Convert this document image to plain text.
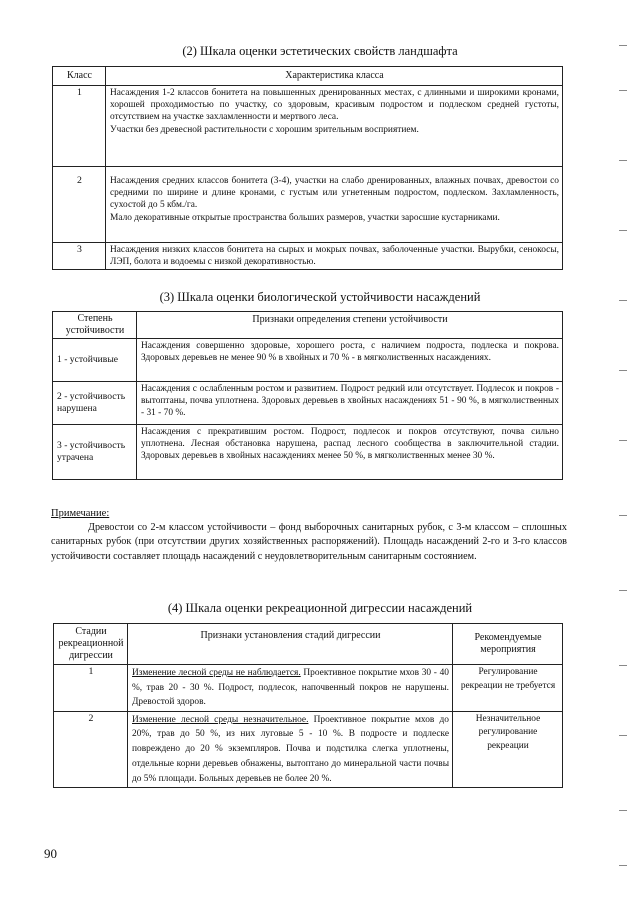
(2) Шкала оценки эстетических свойств ландшафта
Класс	Характеристика класса
1	Насаждения 1-2 классов бонитета на повышенных дренированных местах, с длинными и широкими кронами, хорошей проходимостью по участку, со здоровым, красивым подростом и подлеском средней густоты, отсутствием на участке захламленности и мертвого леса.
Участки без древесной растительности с хорошим зрительным восприятием.

2	Насаждения средних классов бонитета (3-4), участки на слабо дренированных, влажных почвах, древостои со средними по ширине и длине кронами, с густым или угнетенным подростом, подлеском. Захламленность, сухостой до 5 кбм./га.
Мало декоративные открытые пространства больших размеров, участки заросшие кустарниками.

3	Насаждения низких классов бонитета на сырых и мокрых почвах, заболоченные участки. Вырубки, сенокосы, ЛЭП, болота и водоемы с низкой декоративностью.
(3) Шкала оценки биологической устойчивости насаждений
Степень устойчивости	Признаки определения степени устойчивости
1 - устойчивые	Насаждения совершенно здоровые, хорошего роста, с наличием подроста, подлеска и покрова. Здоровых деревьев не менее 90 % в хвойных и 70 % - в мягколиственных насаждениях.
2 - устойчивость нарушена	Насаждения с ослабленным ростом и развитием. Подрост редкий или отсутствует. Подлесок и покров - вытоптаны, почва уплотнена. Здоровых деревьев в хвойных насаждениях 51 - 90 %, в мягколиственных - 31 - 70 %.
3 - устойчивость утрачена	Насаждения с прекратившим ростом. Подрост, подлесок и покров отсутствуют, почва сильно уплотнена. Лесная обстановка нарушена, распад лесного сообщества в заключительной стадии. Здоровых деревьев в хвойных насаждениях менее 50 %, в мягколиственных менее 30 %.
Примечание:
Древостои со 2-м классом устойчивости – фонд выборочных санитарных рубок, с 3-м классом – сплошных санитарных рубок (при отсутствии других хозяйственных распоряжений). Площадь насаждений 2-го и 3-го классов устойчивости составляет площадь насаждений с неудовлетворительным санитарным состоянием.
(4) Шкала оценки рекреационной дигрессии насаждений
Стадии рекреационной дигрессии	Признаки установления стадий дигрессии	Рекомендуемые мероприятия
1	Изменение лесной среды не наблюдается. Проективное покрытие мхов 30 - 40 %, трав 20 - 30 %. Подрост, подлесок, напочвенный покров не нарушены. Древостой здоров.	Регулирование рекреации не требуется
2	Изменение лесной среды незначительное. Проективное покрытие мхов до 20%, трав до 50 %, из них луговые 5 - 10 %. В подросте и подлеске повреждено до 20 % экземпляров. Почва и подстилка слегка уплотнены, отдельные корни деревьев обнажены, вытоптано до минеральной части почвы до 5% площади. Больных деревьев не более 20 %.	Незначительное регулирование рекреации
90
